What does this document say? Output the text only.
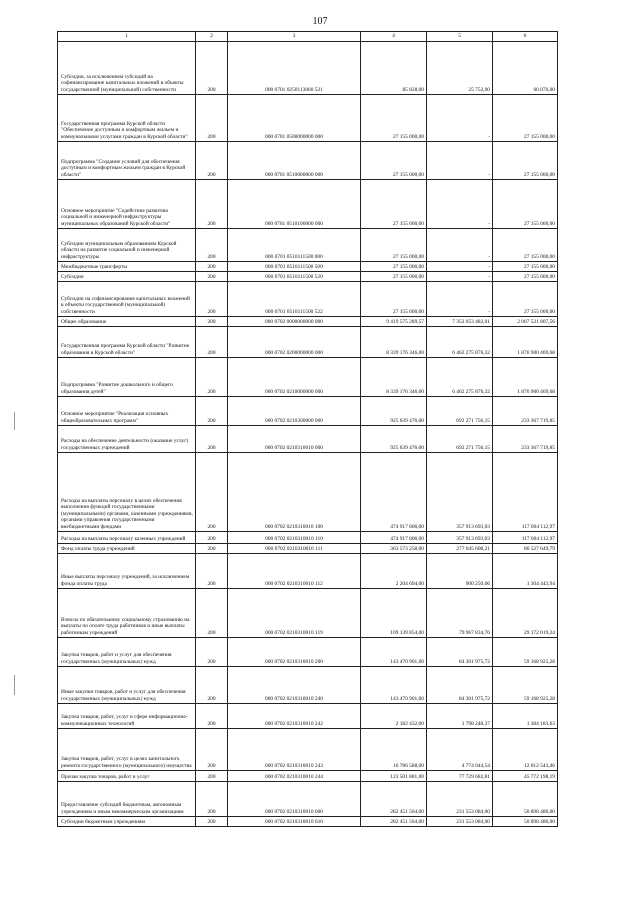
107
1	2	3	4	5	6
Субсидии, за исключением субсидий на софинансирование капитальных вложений в объекты государственной (муниципальной) собственности	200	000 0701 0250113060 521	85 828,00	25 752,00	60 076,00
Государственная программа Курской области "Обеспечение доступным и комфортным жильем и коммунальными услугами граждан в Курской области"	200	000 0701 0500000000 000	27 155 000,00	-	27 155 000,00
Подпрограмма "Создание условий для обеспечения доступным и комфортным жильем граждан в Курской области"	200	000 0701 0510000000 000	27 155 000,00	-	27 155 000,00
Основное мероприятие "Содействие развитию социальной и инженерной инфраструктуры муниципальных образований Курской области"	200	000 0701 0510100000 000	27 155 000,00	-	27 155 000,00
Субсидии муниципальным образованиям Курской области на развитие социальной и инженерной инфраструктуры	200	000 0701 0510111500 000	27 155 000,00	-	27 155 000,00
Межбюджетные трансферты	200	000 0701 0510111500 500	27 155 000,00	-	27 155 000,00
Субсидии	200	000 0701 0510111500 520	27 155 000,00	-	27 155 000,00
Субсидии на софинансирование капитальных вложений в объекты государственной (муниципальной) собственности	200	000 0701 0510111500 522	27 155 000,00	-	27 155 000,00
Общее образование	200	000 0702 0000000000 000	9 419 575 289,57	7 352 053 482,01	2 067 521 807,56
Государственная программа Курской области "Развитие образования в Курской области"	200	000 0702 0200000000 000	8 339 176 346,00	6 462 275 876,32	1 876 900 469,68
Подпрограмма "Развитие дошкольного и общего образования детей"	200	000 0702 0210000000 000	8 339 176 346,00	6 462 275 876,32	1 876 900 469,68
Основное мероприятие "Реализация основных общеобразовательных программ"	200	000 0702 0210300000 000	925 639 476,00	692 271 756,15	233 367 719,85
Расходы на обеспечение деятельности (оказание услуг) государственных учреждений	200	000 0702 0210310010 000	925 639 476,00	692 271 756,15	233 367 719,85
Расходы на выплаты персоналу в целях обеспечения выполнения функций государственными (муниципальными) органами, казенными учреждениями, органами управления государственными внебюджетными фондами	200	000 0702 0210310010 100	474 917 806,00	357 913 693,03	117 004 112,97
Расходы на выплаты персоналу казенных учреждений	200	000 0702 0210310010 110	474 917 806,00	357 913 693,03	117 004 112,97
Фонд оплаты труда учреждений	200	000 0702 0210310010 111	363 573 258,00	277 045 608,21	86 527 649,79
Иные выплаты персоналу учреждений, за исключением фонда оплаты труда	200	000 0702 0210310010 112	2 204 694,00	900 250,06	1 304 443,94
Взносы по обязательному социальному страхованию на выплаты по оплате труда работников и иные выплаты работникам учреждений	200	000 0702 0210310010 119	109 139 854,00	79 967 834,76	29 172 019,24
Закупка товаров, работ и услуг для обеспечения государственных (муниципальных) нужд	200	000 0702 0210310010 200	143 470 901,00	84 301 975,72	59 168 925,28
Иные закупки товаров, работ и услуг для обеспечения государственных (муниципальных) нужд	200	000 0702 0210310010 240	143 470 901,00	84 301 975,72	59 168 925,28
Закупка товаров, работ, услуг в сфере информационно-коммуникационных технологий	200	000 0702 0210310010 242	2 182 432,00	1 798 248,37	1 384 183,63
Закупка товаров, работ, услуг в целях капитального ремонта государственного (муниципального) имущества	200	000 0702 0210310010 243	16 786 588,00	4 774 044,54	12 012 543,46
Прочая закупка товаров, работ и услуг	200	000 0702 0210310010 244	123 501 881,00	77 729 682,81	45 772 198,19
Предоставление субсидий бюджетным, автономным учреждениям и иным некоммерческим организациям	200	000 0702 0210310010 600	282 451 564,00	231 553 084,00	50 898 480,00
Субсидии бюджетным учреждениям	200	000 0702 0210310010 610	282 451 564,00	231 553 084,00	50 898 480,00
